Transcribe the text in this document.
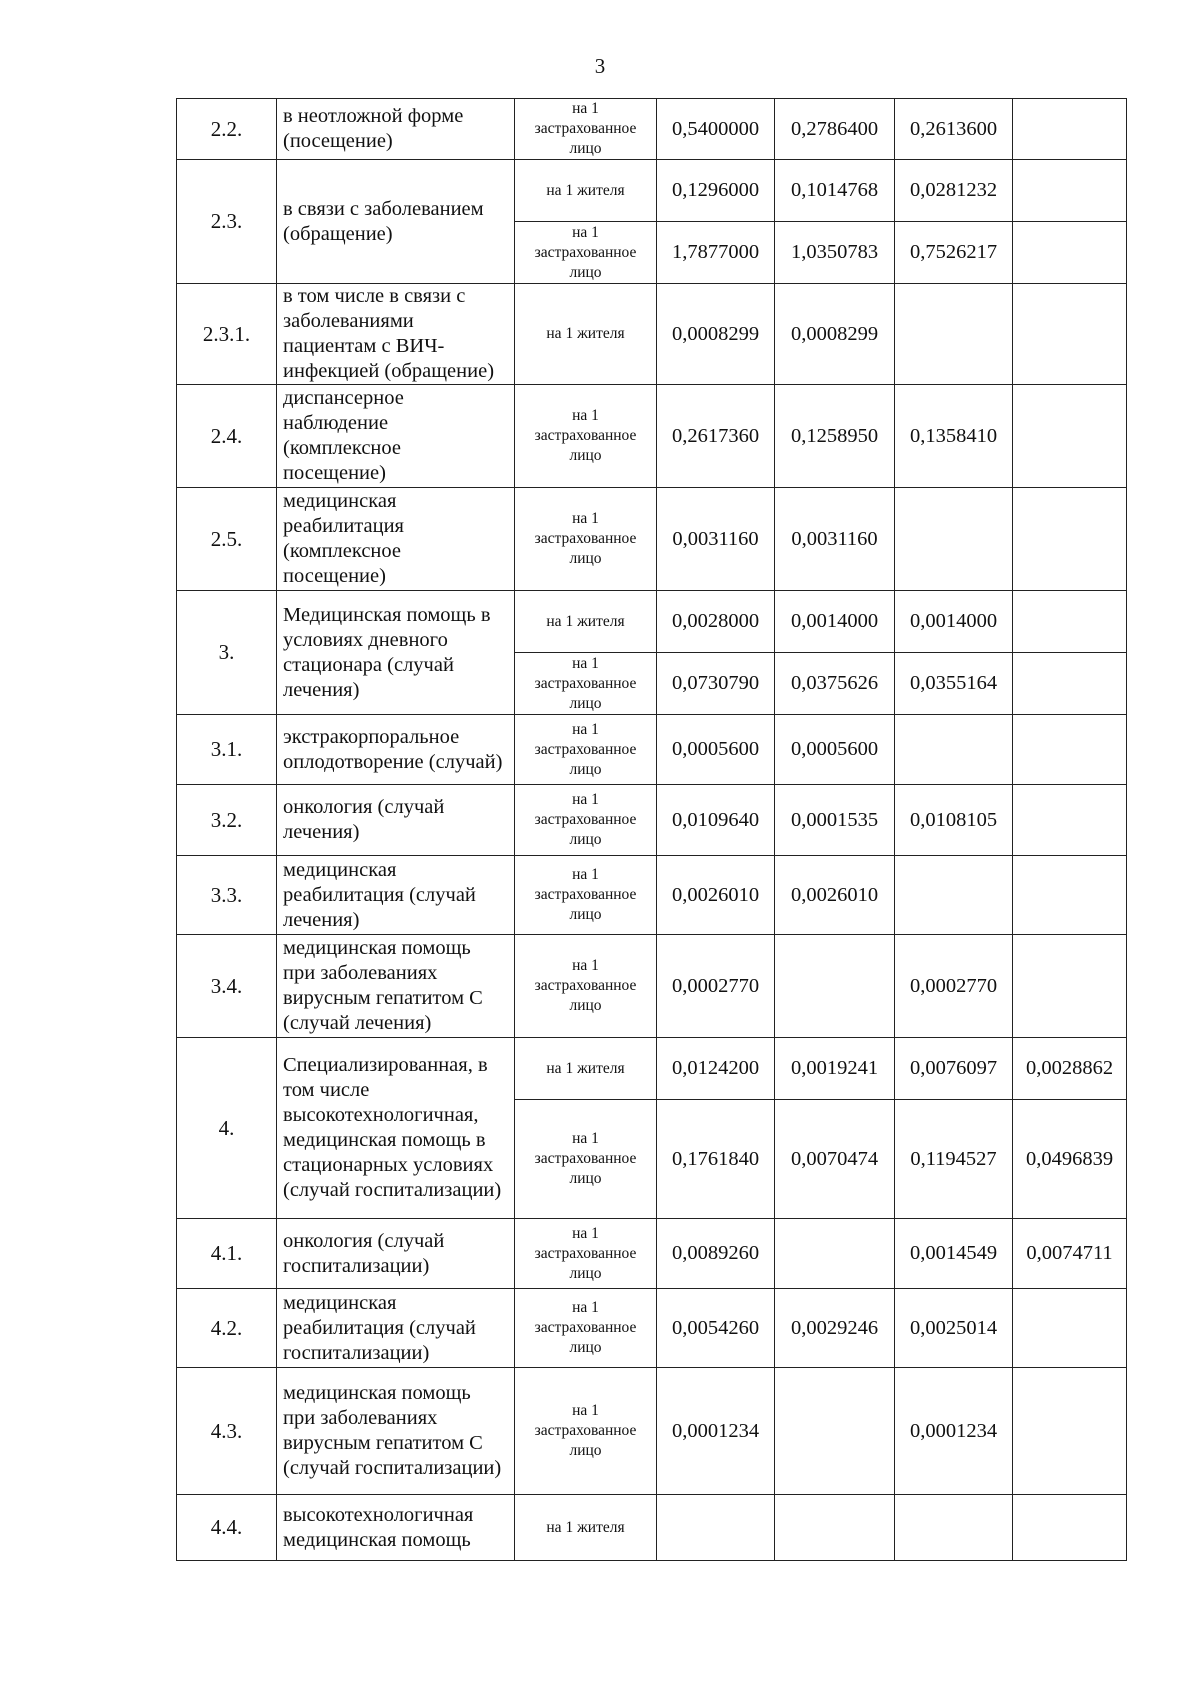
3
2.2.	в неотложной форме (посещение)	на 1 застрахованное лицо	0,5400000	0,2786400	0,2613600	
2.3.	в связи с заболеванием (обращение)	на 1 жителя	0,1296000	0,1014768	0,0281232	
		на 1 застрахованное лицо	1,7877000	1,0350783	0,7526217	
2.3.1.	в том числе в связи с заболеваниями пациентам с ВИЧ-инфекцией (обращение)	на 1 жителя	0,0008299	0,0008299		
2.4.	диспансерное наблюдение (комплексное посещение)	на 1 застрахованное лицо	0,2617360	0,1258950	0,1358410	
2.5.	медицинская реабилитация (комплексное посещение)	на 1 застрахованное лицо	0,0031160	0,0031160		
3.	Медицинская помощь в условиях дневного стационара (случай лечения)	на 1 жителя	0,0028000	0,0014000	0,0014000	
		на 1 застрахованное лицо	0,0730790	0,0375626	0,0355164	
3.1.	экстракорпоральное оплодотворение (случай)	на 1 застрахованное лицо	0,0005600	0,0005600		
3.2.	онкология (случай лечения)	на 1 застрахованное лицо	0,0109640	0,0001535	0,0108105	
3.3.	медицинская реабилитация (случай лечения)	на 1 застрахованное лицо	0,0026010	0,0026010		
3.4.	медицинская помощь при заболеваниях вирусным гепатитом С (случай лечения)	на 1 застрахованное лицо	0,0002770		0,0002770	
4.	Специализированная, в том числе высокотехнологичная, медицинская помощь в стационарных условиях (случай госпитализации)	на 1 жителя	0,0124200	0,0019241	0,0076097	0,0028862
		на 1 застрахованное лицо	0,1761840	0,0070474	0,1194527	0,0496839
4.1.	онкология (случай госпитализации)	на 1 застрахованное лицо	0,0089260		0,0014549	0,0074711
4.2.	медицинская реабилитация (случай госпитализации)	на 1 застрахованное лицо	0,0054260	0,0029246	0,0025014	
4.3.	медицинская помощь при заболеваниях вирусным гепатитом С (случай госпитализации)	на 1 застрахованное лицо	0,0001234		0,0001234	
4.4.	высокотехнологичная медицинская помощь	на 1 жителя				
